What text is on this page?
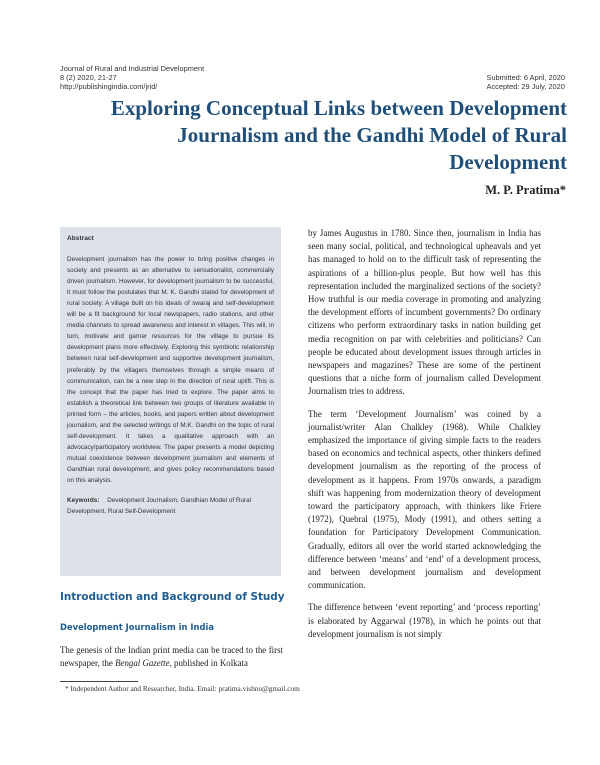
Journal of Rural and Industrial Development
8 (2) 2020, 21-27
http://publishingindia.com/jrid/
Submitted: 6 April, 2020
Accepted: 29 July, 2020
Exploring Conceptual Links between Development
Journalism and the Gandhi Model of Rural
Development
M. P. Pratima*
Abstract

Development journalism has the power to bring positive changes in society and presents as an alternative to sensationalist, commercially driven journalism. However, for development journalism to be successful, it must follow the postulates that M. K. Gandhi stated for development of rural society. A village built on his ideals of swaraj and self-development will be a fit background for local newspapers, radio stations, and other media channels to spread awareness and interest in villages. This will, in turn, motivate and garner resources for the village to pursue its development plans more effectively. Exploring this symbiotic relationship between rural self-development and supportive development journalism, preferably by the villagers themselves through a simple means of communication, can be a new step in the direction of rural uplift. This is the concept that the paper has tried to explore. The paper aims to establish a theoretical link between two groups of literature available in printed form – the articles, books, and papers written about development journalism, and the selected writings of M.K. Gandhi on the topic of rural self-development. It takes a qualitative approach with an advocacy/participatory worldview. The paper presents a model depicting mutual coexistence between development journalism and elements of Gandhian rural development, and gives policy recommendations based on this analysis.

Keywords: Development Journalism, Gandhian Model of Rural Development, Rural Self-Development
Introduction and Background of Study
Development Journalism in India

The genesis of the Indian print media can be traced to the first newspaper, the Bengal Gazette, published in Kolkata

by James Augustus in 1780. Since then, journalism in India has seen many social, political, and technological upheavals and yet has managed to hold on to the difficult task of representing the aspirations of a billion-plus people. But how well has this representation included the marginalized sections of the society? How truthful is our media coverage in promoting and analyzing the development efforts of incumbent governments? Do ordinary citizens who perform extraordinary tasks in nation building get media recognition on par with celebrities and politicians? Can people be educated about development issues through articles in newspapers and magazines? These are some of the pertinent questions that a niche form of journalism called Development Journalism tries to address.

The term ‘Development Journalism’ was coined by a journalist/writer Alan Chalkley (1968). While Chalkley emphasized the importance of giving simple facts to the readers based on economics and technical aspects, other thinkers defined development journalism as the reporting of the process of development as it happens. From 1970s onwards, a paradigm shift was happening from modernization theory of development toward the participatory approach, with thinkers like Friere (1972), Quebral (1975), Mody (1991), and others setting a foundation for Participatory Development Communication. Gradually, editors all over the world started acknowledging the difference between ‘means’ and ‘end’ of a development process, and between development journalism and development communication.

The difference between ‘event reporting’ and ‘process reporting’ is elaborated by Aggarwal (1978), in which he points out that development journalism is not simply

* Independent Author and Researcher, India. Email: pratima.vishnu@gmail.com
